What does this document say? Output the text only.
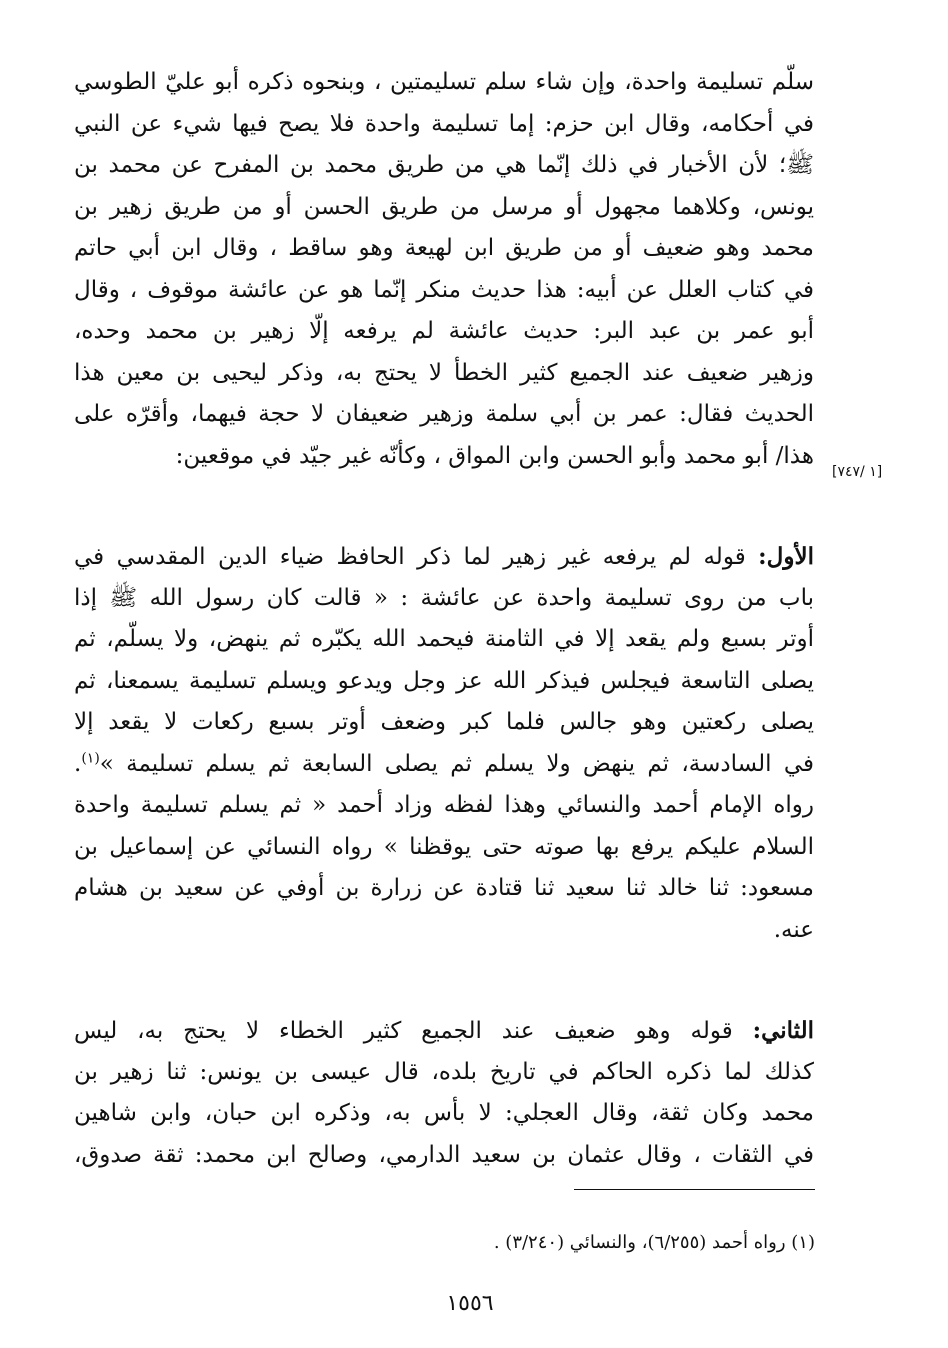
سلّم تسليمة واحدة، وإن شاء سلم تسليمتين ، وبنحوه ذكره أبو عليّ الطوسي
في أحكامه، وقال ابن حزم: إما تسليمة واحدة فلا يصح فيها شيء عن النبي
ﷺ؛ لأن الأخبار في ذلك إنّما هي من طريق محمد بن المفرح عن محمد بن
يونس، وكلاهما مجهول أو مرسل من طريق الحسن أو من طريق زهير بن
محمد وهو ضعيف أو من طريق ابن لهيعة وهو ساقط ، وقال ابن أبي حاتم
في كتاب العلل عن أبيه: هذا حديث منكر إنّما هو عن عائشة موقوف ، وقال
أبو عمر بن عبد البر: حديث عائشة لم يرفعه إلّا زهير بن محمد وحده،
وزهير ضعيف عند الجميع كثير الخطأ لا يحتج به، وذكر ليحيى بن معين هذا
الحديث فقال: عمر بن أبي سلمة وزهير ضعيفان لا حجة فيهما، وأقرّه على
هذا/ أبو محمد وأبو الحسن وابن المواق ، وكأنّه غير جيّد في موقعين:
[١ /٧٤٧]
الأول: قوله لم يرفعه غير زهير لما ذكر الحافظ ضياء الدين المقدسي في
باب من روى تسليمة واحدة عن عائشة : « قالت كان رسول الله ﷺ إذا
أوتر بسبع ولم يقعد إلا في الثامنة فيحمد الله يكبّره ثم ينهض، ولا يسلّم، ثم
يصلى التاسعة فيجلس فيذكر الله عز وجل ويدعو ويسلم تسليمة يسمعنا، ثم
يصلى ركعتين وهو جالس فلما كبر وضعف أوتر بسبع ركعات لا يقعد إلا
في السادسة، ثم ينهض ولا يسلم ثم يصلى السابعة ثم يسلم تسليمة »$^{(١)}$.
رواه الإمام أحمد والنسائي وهذا لفظه وزاد أحمد « ثم يسلم تسليمة واحدة
السلام عليكم يرفع بها صوته حتى يوقظنا » رواه النسائي عن إسماعيل بن
مسعود: ثنا خالد ثنا سعيد ثنا قتادة عن زرارة بن أوفي عن سعيد بن هشام
عنه.
الثاني: قوله وهو ضعيف عند الجميع كثير الخطاء لا يحتج به، ليس
كذلك لما ذكره الحاكم في تاريخ بلده، قال عيسى بن يونس: ثنا زهير بن
محمد وكان ثقة، وقال العجلي: لا بأس به، وذكره ابن حبان، وابن شاهين
في الثقات ، وقال عثمان بن سعيد الدارمي، وصالح ابن محمد: ثقة صدوق،
(١) رواه أحمد (٦/٢٥٥)، والنسائي (٣/٢٤٠) .
١٥٥٦
